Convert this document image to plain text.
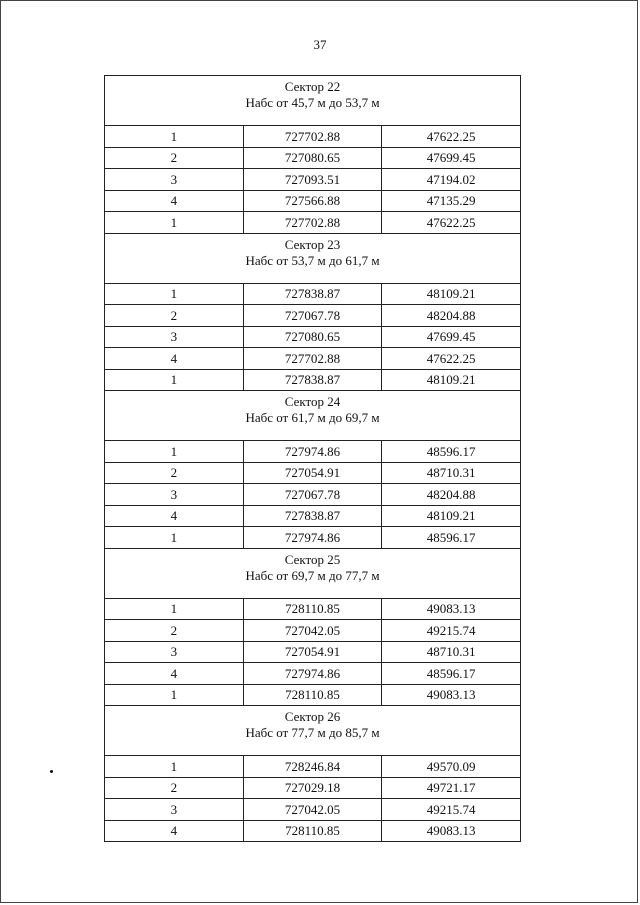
37
Сектор 22
Набс от 45,7 м до 53,7 м		

1	727702.88	47622.25
2	727080.65	47699.45
3	727093.51	47194.02
4	727566.88	47135.29
1	727702.88	47622.25

Сектор 23
Набс от 53,7 м до 61,7 м		

1	727838.87	48109.21
2	727067.78	48204.88
3	727080.65	47699.45
4	727702.88	47622.25
1	727838.87	48109.21

Сектор 24
Набс от 61,7 м до 69,7 м		

1	727974.86	48596.17
2	727054.91	48710.31
3	727067.78	48204.88
4	727838.87	48109.21
1	727974.86	48596.17

Сектор 25
Набс от 69,7 м до 77,7 м		

1	728110.85	49083.13
2	727042.05	49215.74
3	727054.91	48710.31
4	727974.86	48596.17
1	728110.85	49083.13

Сектор 26
Набс от 77,7 м до 85,7 м		

1	728246.84	49570.09
2	727029.18	49721.17
3	727042.05	49215.74
4	728110.85	49083.13
